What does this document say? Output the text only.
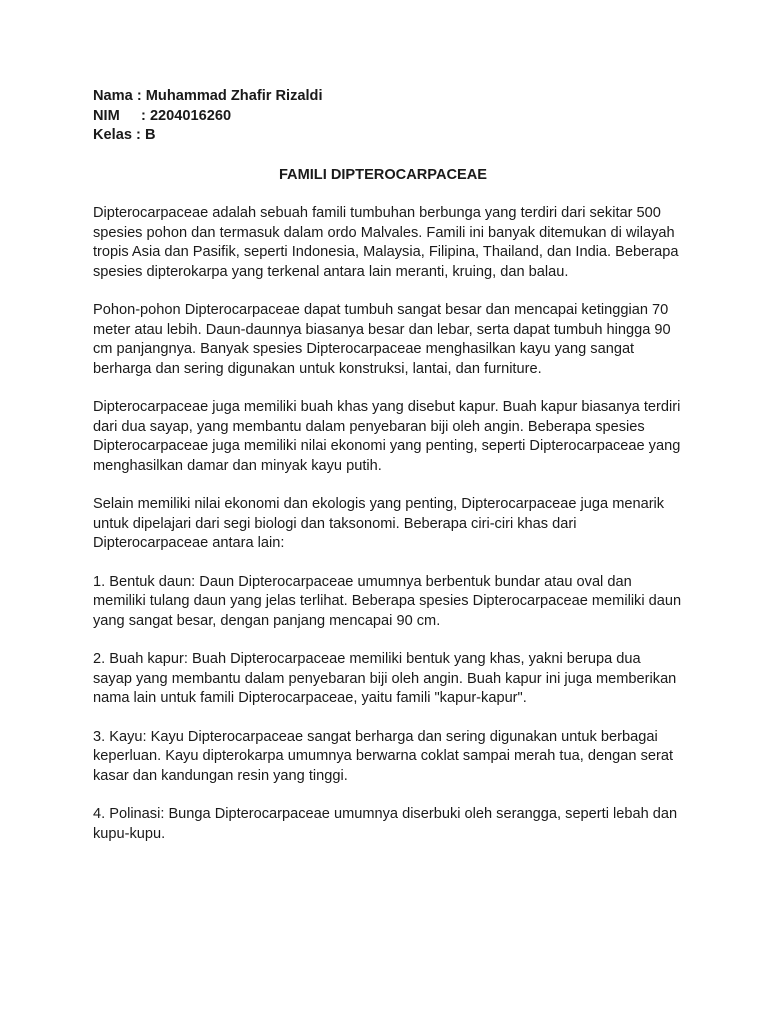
Nama
:
Muhammad Zhafir Rizaldi
NIM	:
2204016260
Kelas
:
B
FAMILI DIPTEROCARPACEAE

Dipterocarpaceae adalah sebuah famili tumbuhan berbunga yang terdiri dari sekitar 500 spesies pohon dan termasuk dalam ordo Malvales. Famili ini banyak ditemukan di wilayah tropis Asia dan Pasifik, seperti Indonesia, Malaysia, Filipina, Thailand, dan India. Beberapa spesies dipterokarpa yang terkenal antara lain meranti, kruing, dan balau.

Pohon-pohon Dipterocarpaceae dapat tumbuh sangat besar dan mencapai ketinggian 70 meter atau lebih. Daun-daunnya biasanya besar dan lebar, serta dapat tumbuh hingga 90 cm panjangnya. Banyak spesies Dipterocarpaceae menghasilkan kayu yang sangat berharga dan sering digunakan untuk konstruksi, lantai, dan furniture.

Dipterocarpaceae juga memiliki buah khas yang disebut kapur. Buah kapur biasanya terdiri dari dua sayap, yang membantu dalam penyebaran biji oleh angin. Beberapa spesies Dipterocarpaceae juga memiliki nilai ekonomi yang penting, seperti Dipterocarpaceae yang menghasilkan damar dan minyak kayu putih.

Selain memiliki nilai ekonomi dan ekologis yang penting, Dipterocarpaceae juga menarik untuk dipelajari dari segi biologi dan taksonomi. Beberapa ciri-ciri khas dari Dipterocarpaceae antara lain:

1. Bentuk daun: Daun Dipterocarpaceae umumnya berbentuk bundar atau oval dan memiliki tulang daun yang jelas terlihat. Beberapa spesies Dipterocarpaceae memiliki daun yang sangat besar, dengan panjang mencapai 90 cm.

2. Buah kapur: Buah Dipterocarpaceae memiliki bentuk yang khas, yakni berupa dua sayap yang membantu dalam penyebaran biji oleh angin. Buah kapur ini juga memberikan nama lain untuk famili Dipterocarpaceae, yaitu famili "kapur-kapur".

3. Kayu: Kayu Dipterocarpaceae sangat berharga dan sering digunakan untuk berbagai keperluan. Kayu dipterokarpa umumnya berwarna coklat sampai merah tua, dengan serat kasar dan kandungan resin yang tinggi.

4. Polinasi: Bunga Dipterocarpaceae umumnya diserbuki oleh serangga, seperti lebah dan kupu-kupu.
